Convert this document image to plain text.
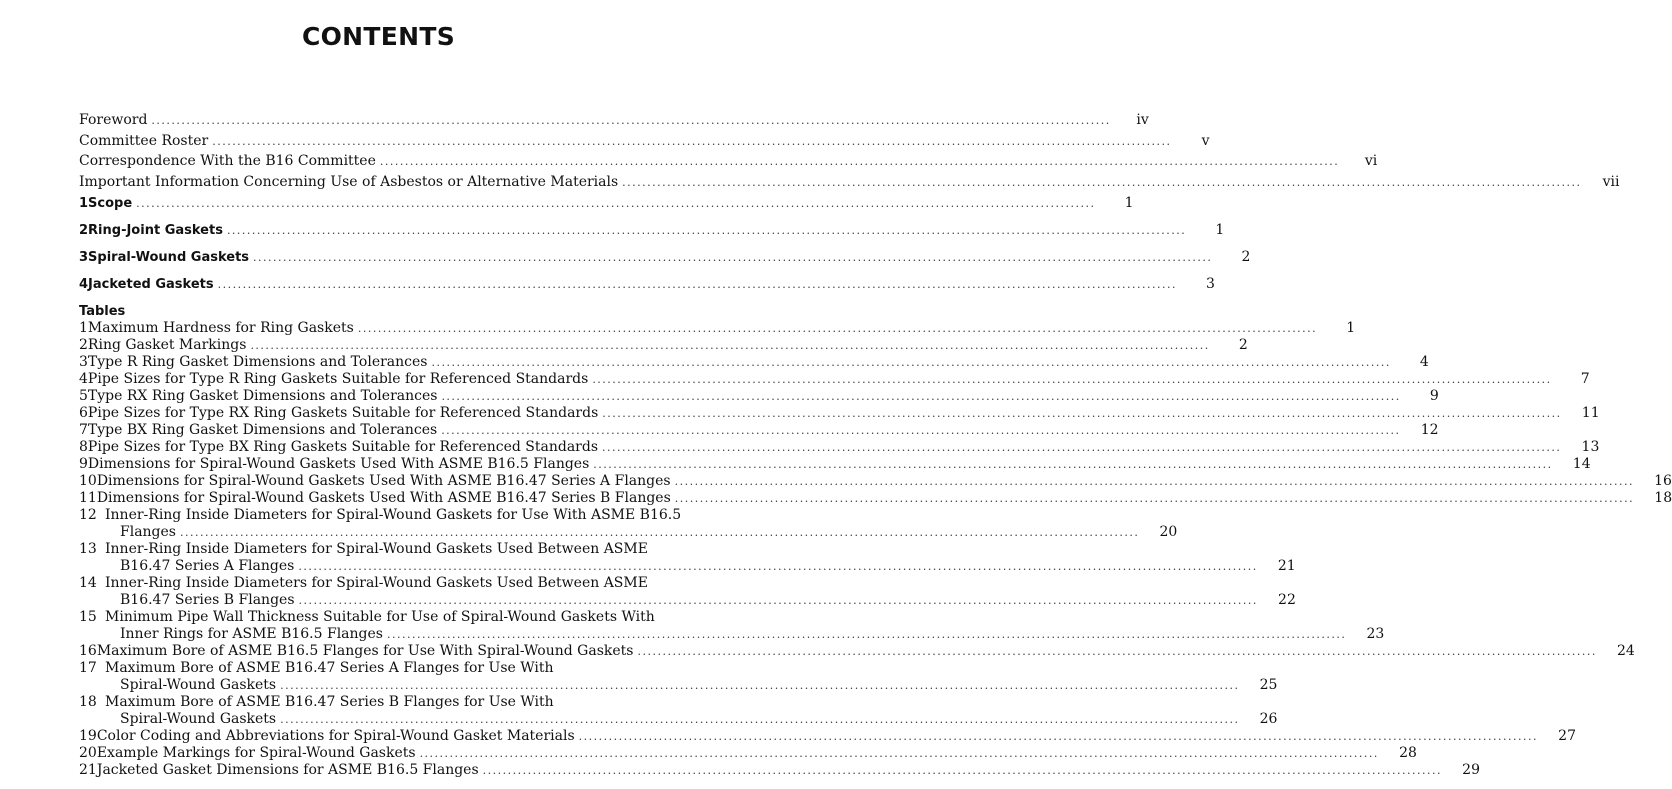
CONTENTS
Foreword .....	iv
Committee Roster .....	v
Correspondence With the B16 Committee .....	vi
Important Information Concerning Use of Asbestos or Alternative Materials .....	vii
1 Scope .....	1
2 Ring-Joint Gaskets .....	1
3 Spiral-Wound Gaskets .....	2
4 Jacketed Gaskets .....	3
Tables
1 Maximum Hardness for Ring Gaskets .....	1
2 Ring Gasket Markings .....	2
3 Type R Ring Gasket Dimensions and Tolerances .....	4
4 Pipe Sizes for Type R Ring Gaskets Suitable for Referenced Standards .....	7
5 Type RX Ring Gasket Dimensions and Tolerances .....	9
6 Pipe Sizes for Type RX Ring Gaskets Suitable for Referenced Standards .....	11
7 Type BX Ring Gasket Dimensions and Tolerances .....	12
8 Pipe Sizes for Type BX Ring Gaskets Suitable for Referenced Standards .....	13
9 Dimensions for Spiral-Wound Gaskets Used With ASME B16.5 Flanges .....	14
10 Dimensions for Spiral-Wound Gaskets Used With ASME B16.47 Series A Flanges .....	16
11 Dimensions for Spiral-Wound Gaskets Used With ASME B16.47 Series B Flanges .....	18
12 Inner-Ring Inside Diameters for Spiral-Wound Gaskets for Use With ASME B16.5
Flanges .....	20
13 Inner-Ring Inside Diameters for Spiral-Wound Gaskets Used Between ASME
B16.47 Series A Flanges .....	21
14 Inner-Ring Inside Diameters for Spiral-Wound Gaskets Used Between ASME
B16.47 Series B Flanges .....	22
15 Minimum Pipe Wall Thickness Suitable for Use of Spiral-Wound Gaskets With
Inner Rings for ASME B16.5 Flanges .....	23
16 Maximum Bore of ASME B16.5 Flanges for Use With Spiral-Wound Gaskets .....	24
17 Maximum Bore of ASME B16.47 Series A Flanges for Use With
Spiral-Wound Gaskets .....	25
18 Maximum Bore of ASME B16.47 Series B Flanges for Use With
Spiral-Wound Gaskets .....	26
19 Color Coding and Abbreviations for Spiral-Wound Gasket Materials .....	27
20 Example Markings for Spiral-Wound Gaskets .....	28
21 Jacketed Gasket Dimensions for ASME B16.5 Flanges .....	29
